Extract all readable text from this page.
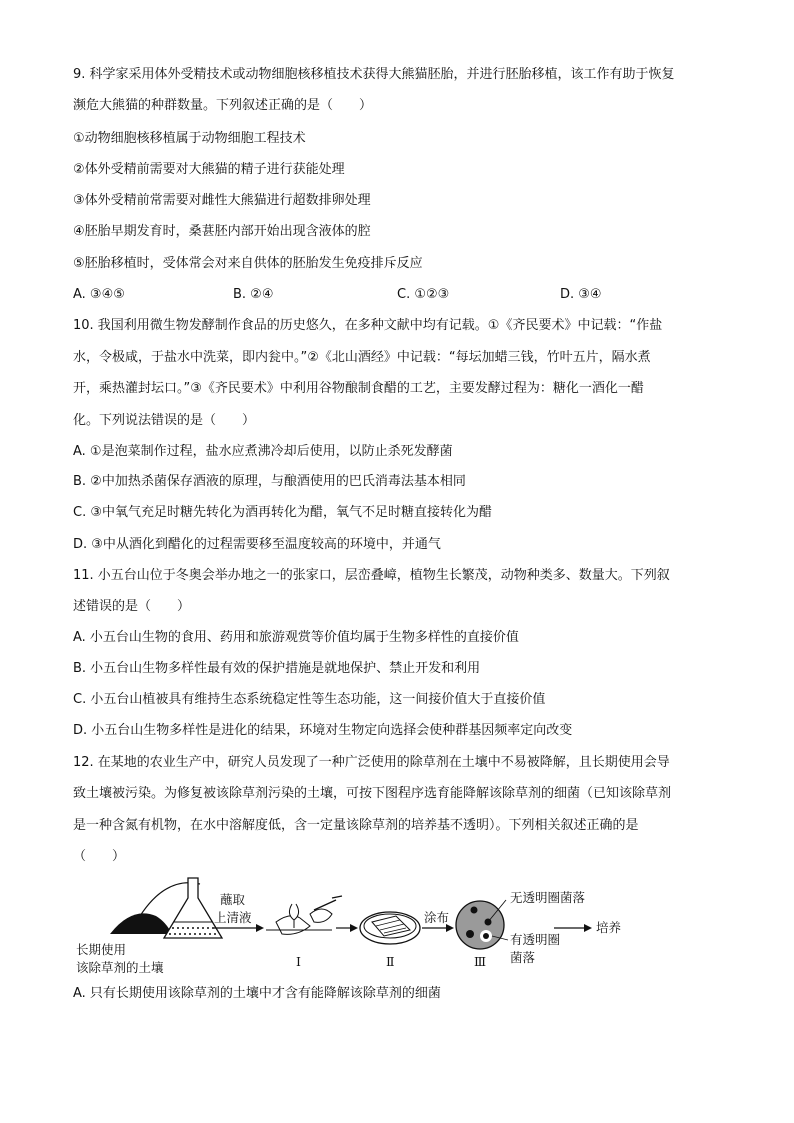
9. 科学家采用体外受精技术或动物细胞核移植技术获得大熊猫胚胎，并进行胚胎移植，该工作有助于恢复
濒危大熊猫的种群数量。下列叙述正确的是（　　）
①动物细胞核移植属于动物细胞工程技术
②体外受精前需要对大熊猫的精子进行获能处理
③体外受精前常需要对雌性大熊猫进行超数排卵处理
④胚胎早期发育时，桑葚胚内部开始出现含液体的腔
⑤胚胎移植时，受体常会对来自供体的胚胎发生免疫排斥反应
A. ③④⑤	B. ②④	C. ①②③	D. ③④
10. 我国利用微生物发酵制作食品的历史悠久，在多种文献中均有记载。①《齐民要术》中记载：“作盐
水，令极咸，于盐水中洗菜，即内瓮中。”②《北山酒经》中记载：“每坛加蜡三钱，竹叶五片，隔水煮
开，乘热灌封坛口。”③《齐民要术》中利用谷物酿制食醋的工艺，主要发酵过程为：糖化一酒化一醋
化。下列说法错误的是（　　）
A. ①是泡菜制作过程，盐水应煮沸冷却后使用，以防止杀死发酵菌
B. ②中加热杀菌保存酒液的原理，与酿酒使用的巴氏消毒法基本相同
C. ③中氧气充足时糖先转化为酒再转化为醋，氧气不足时糖直接转化为醋
D. ③中从酒化到醋化的过程需要移至温度较高的环境中，并通气
11. 小五台山位于冬奥会举办地之一的张家口，层峦叠嶂，植物生长繁茂，动物种类多、数量大。下列叙
述错误的是（　　）
A. 小五台山生物的食用、药用和旅游观赏等价值均属于生物多样性的直接价值
B. 小五台山生物多样性最有效的保护措施是就地保护、禁止开发和利用
C. 小五台山植被具有维持生态系统稳定性等生态功能，这一间接价值大于直接价值
D. 小五台山生物多样性是进化的结果，环境对生物定向选择会使种群基因频率定向改变
12. 在某地的农业生产中，研究人员发现了一种广泛使用的除草剂在土壤中不易被降解，且长期使用会导
致土壤被污染。为修复被该除草剂污染的土壤，可按下图程序选育能降解该除草剂的细菌（已知该除草剂
是一种含氮有机物，在水中溶解度低，含一定量该除草剂的培养基不透明）。下列相关叙述正确的是
（　　）
长期使用
该除草剂的土壤
蘸取
上清液
Ⅰ	Ⅱ
涂布
Ⅲ
无透明圈菌落
有透明圈
菌落
培养
A. 只有长期使用该除草剂的土壤中才含有能降解该除草剂的细菌
